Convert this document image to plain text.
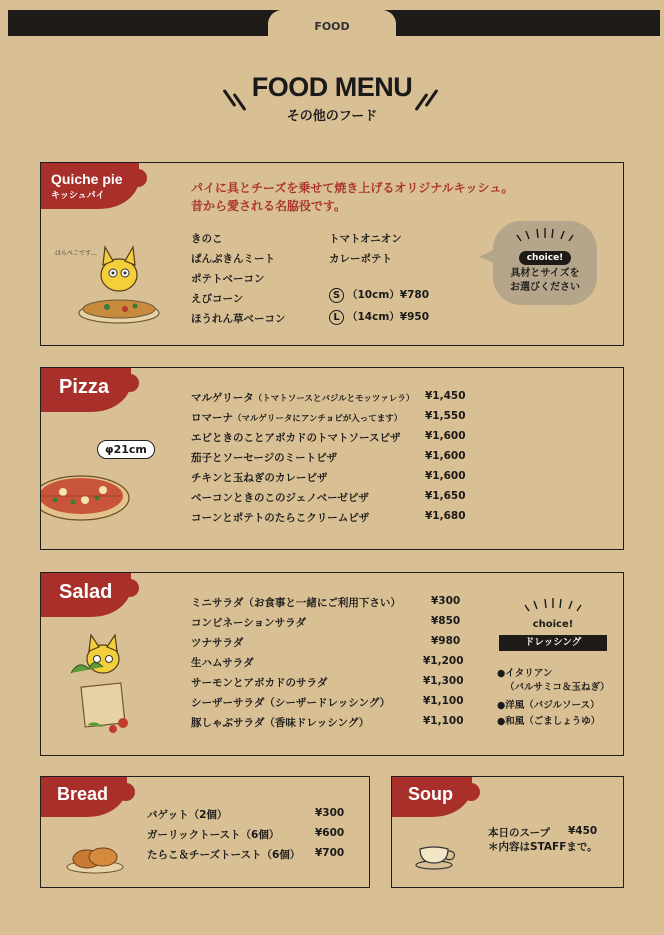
FOOD
FOOD MENU
その他のフード
Quiche pie
キッシュパイ	パイに具とチーズを乗せて焼き上げるオリジナルキッシュ。
昔から愛される名脇役です。
きのこ
ぱんぷきんミート
ポテトベーコン
えびコーン
ほうれん草ベーコン
トマトオニオン
カレーポテト
S （10cm）¥780
L （14cm）¥950
はらぺこです…	choice!
具材とサイズを
お選びください
Pizza
φ21cm
マルゲリータ（トマトソースとバジルとモッツァレラ） ¥1,450
ロマーナ（マルゲリータにアンチョビが入ってます） ¥1,550
エビときのことアボカドのトマトソースピザ ¥1,600
茄子とソーセージのミートピザ	¥1,600
チキンと玉ねぎのカレーピザ	¥1,600
ベーコンときのこのジェノベーゼピザ	¥1,650
コーンとポテトのたらこクリームピザ	¥1,680
Salad	ミニサラダ（お食事と一緒にご利用下さい）	¥300
コンビネーションサラダ	¥850
ツナサラダ	¥980
生ハムサラダ	¥1,200
サーモンとアボカドのサラダ	¥1,300
シーザーサラダ（シーザードレッシング）	¥1,100
豚しゃぶサラダ（香味ドレッシング）	¥1,100
choice!
ドレッシング
●イタリアン
（バルサミコ＆玉ねぎ）
●洋風（バジルソース）
●和風（ごましょうゆ）
Bread
バゲット（2個）	¥300
ガーリックトースト（6個）	¥600
たらこ＆チーズトースト（6個） ¥700
Soup
本日のスープ ¥450
＊内容はSTAFFまで。
